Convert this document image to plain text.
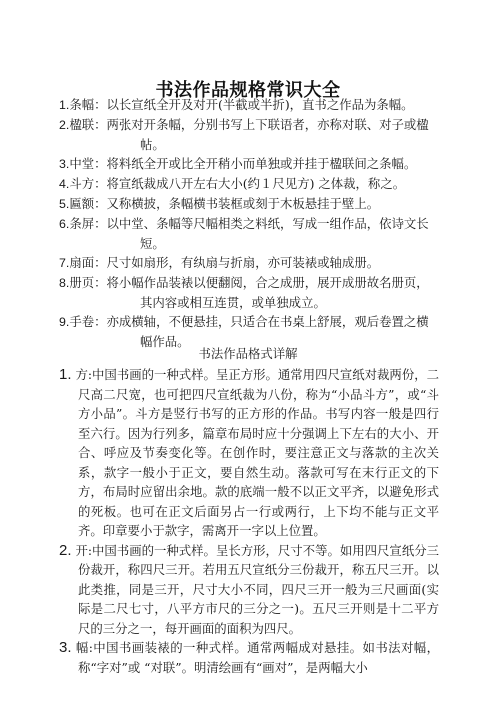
书法作品规格常识大全

1.条幅：以长宣纸全开及对开(半截或半折)，直书之作品为条幅。

2.楹联：两张对开条幅，分别书写上下联语者，亦称对联、对子或楹帖。

3.中堂：将料纸全开或比全开稍小而单独或并挂于楹联间之条幅。

4.斗方：将宣纸裁成八开左右大小(约１尺见方) 之体裁，称之。

5.匾额：又称横披，条幅横书装框或刻于木板悬挂于壁上。

6.条屏：以中堂、条幅等尺幅相类之料纸，写成一组作品，依诗文长短。

7.扇面：尺寸如扇形，有纨扇与折扇，亦可装裱或轴成册。

8.册页：将小幅作品装裱以便翻阅，合之成册，展开成册故名册页，其内容或相互连贯，或单独成立。

9.手卷：亦成横轴，不便悬挂，只适合在书桌上舒展，观后卷置之横幅作品。

书法作品格式详解

1. 方:中国书画的一种式样。呈正方形。通常用四尺宣纸对裁两份，二尺高二尺宽，也可把四尺宣纸裁为八份，称为“小品斗方”，或“斗方小品”。斗方是竖行书写的正方形的作品。书写内容一般是四行至六行。因为行列多，篇章布局时应十分强调上下左右的大小、开合、呼应及节奏变化等。在创作时，要注意正文与落款的主次关系，款字一般小于正文，要自然生动。落款可写在末行正文的下方，布局时应留出余地。款的底端一般不以正文平齐，以避免形式的死板。也可在正文后面另占一行或两行，上下均不能与正文平齐。印章要小于款字，需离开一字以上位置。

2. 开:中国书画的一种式样。呈长方形，尺寸不等。如用四尺宣纸分三份裁开，称四尺三开。若用五尺宣纸分三份裁开，称五尺三开。以此类推，同是三开，尺寸大小不同，四尺三开一般为三尺画面(实际是二尺七寸，八平方市尺的三分之一)。五尺三开则是十二平方尺的三分之一，每开画面的面积为四尺。

3. 幅:中国书画装裱的一种式样。通常两幅成对悬挂。如书法对幅，称“字对”或 “对联”。明清绘画有“画对”，是两幅大小
